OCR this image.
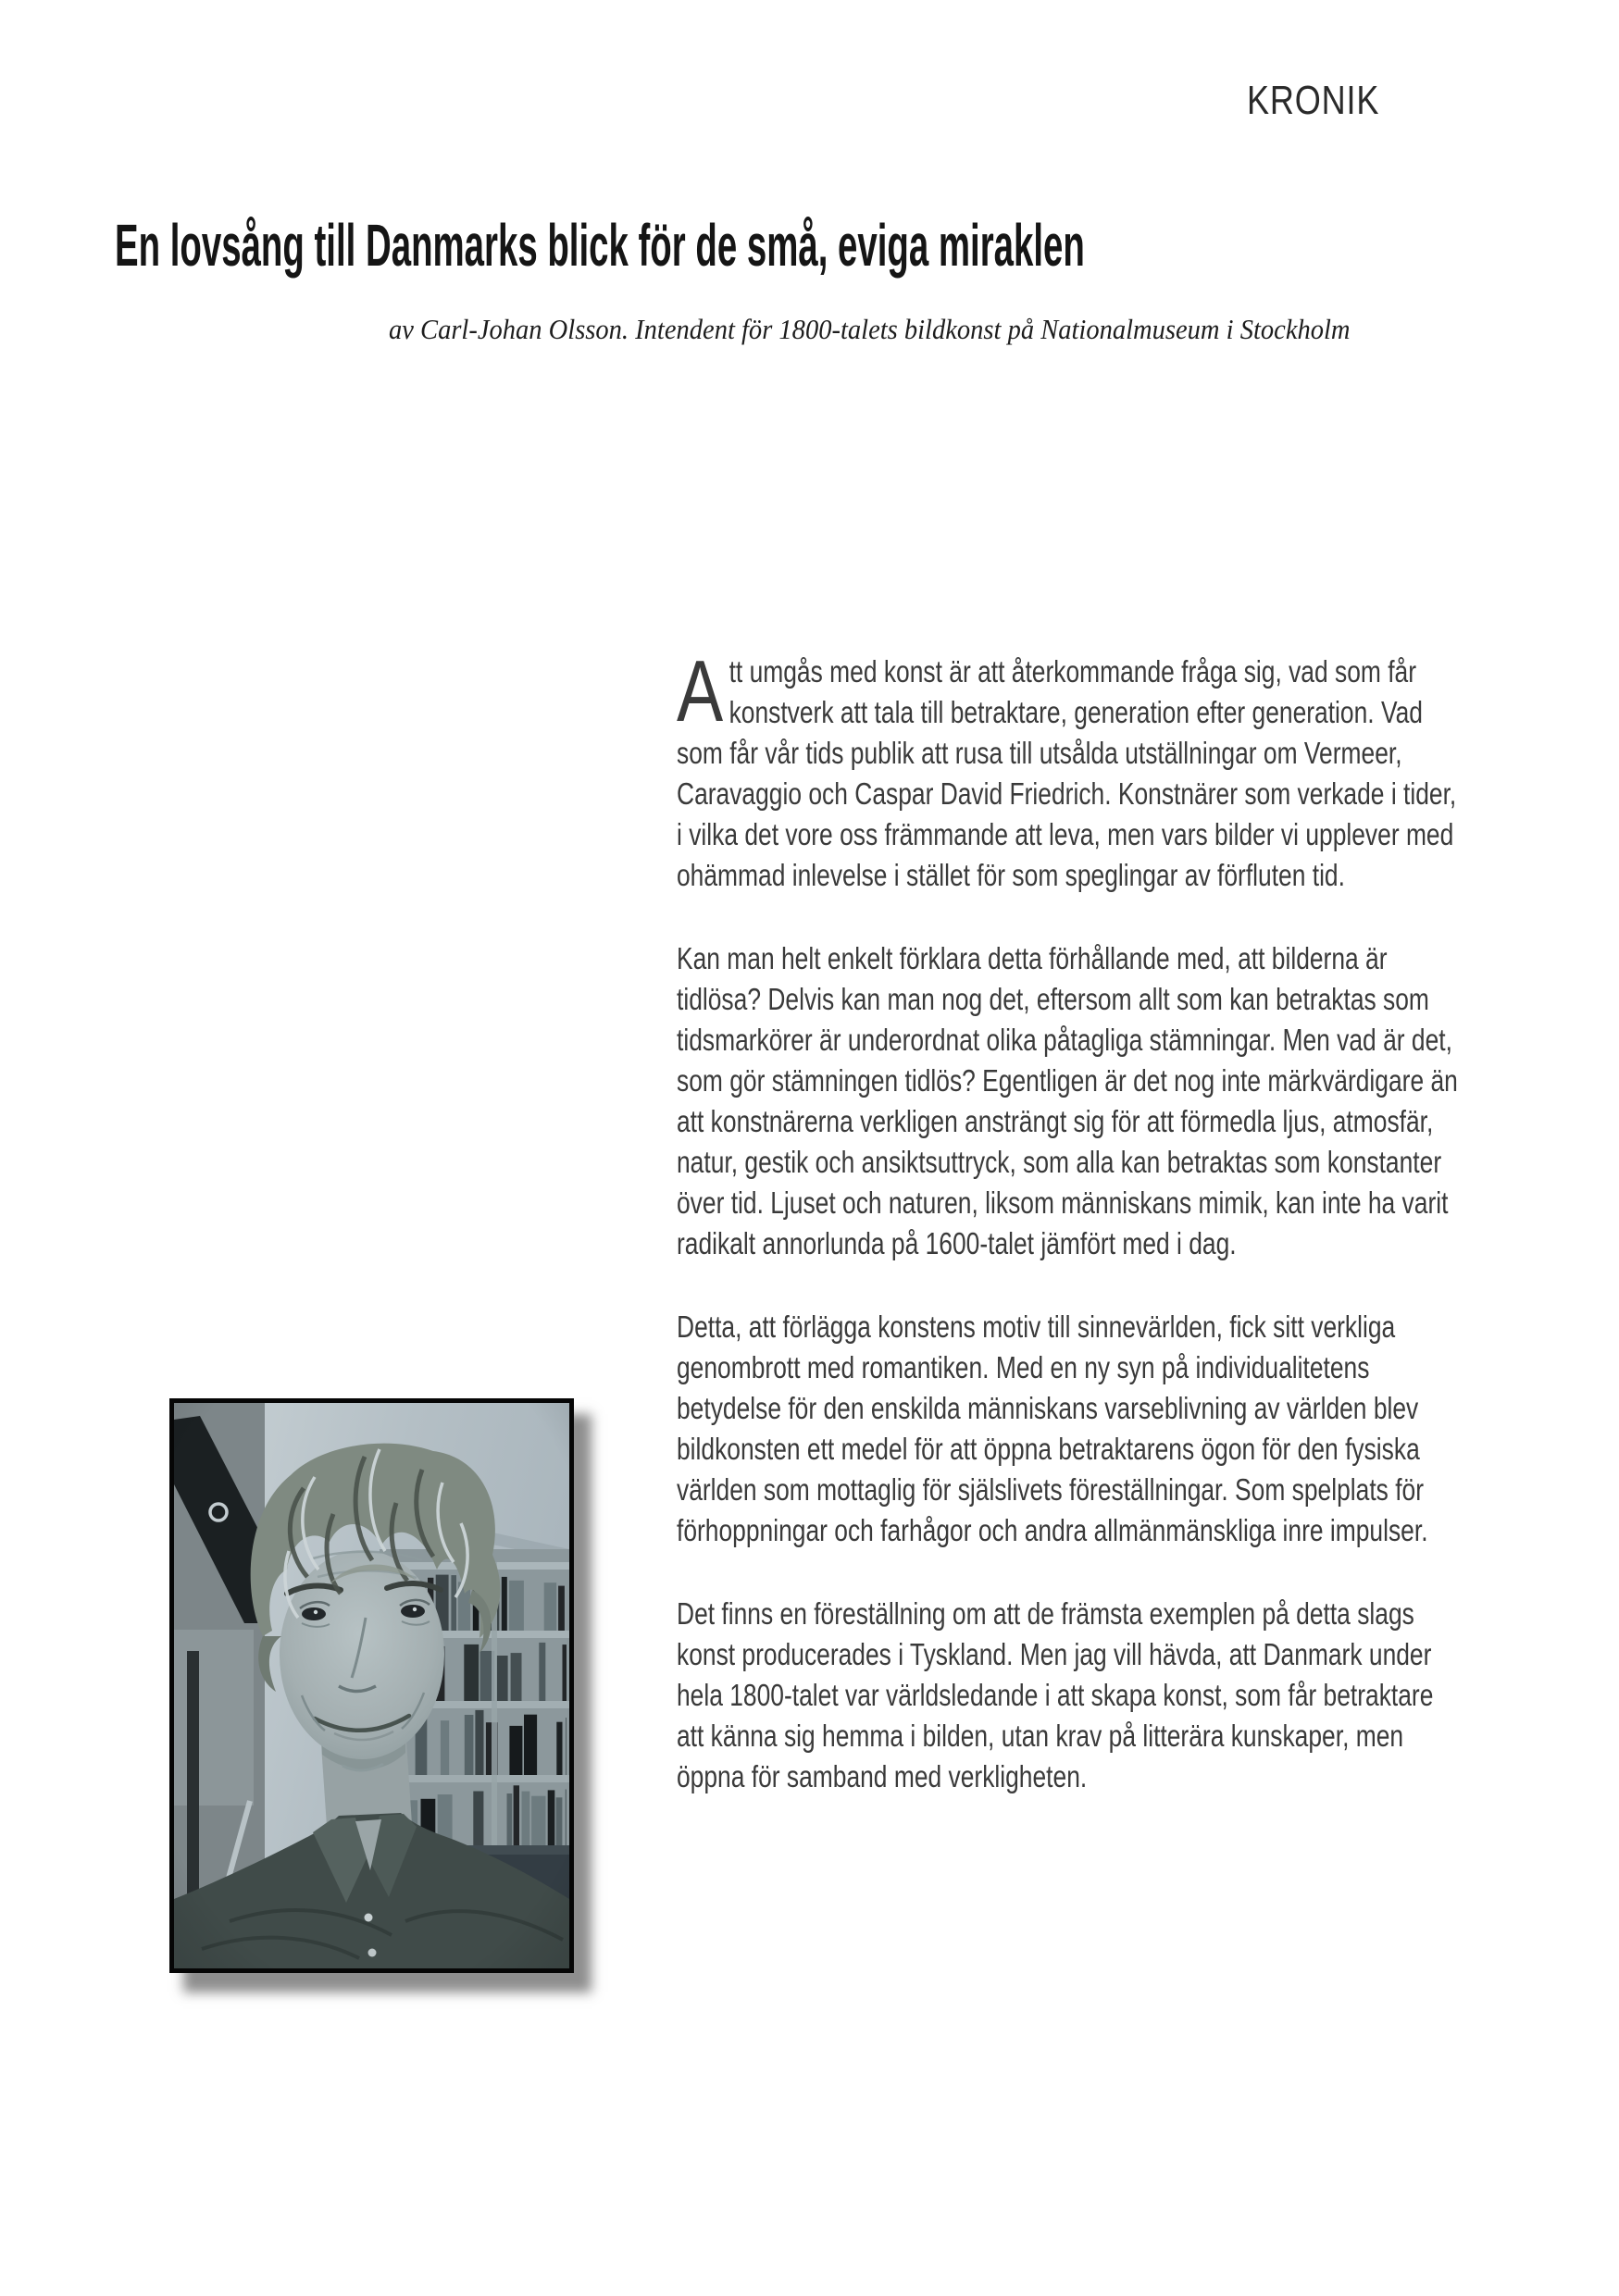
KRONIK
En lovsång till Danmarks blick för de små, eviga miraklen
av Carl-Johan Olsson. Intendent för 1800-talets bildkonst på Nationalmuseum i Stockholm

Att umgås med konst är att återkommande fråga sig, vad som får konstverk att tala till betraktare, generation efter generation. Vad som får vår tids publik att rusa till utsålda utställningar om Vermeer, Caravaggio och Caspar David Friedrich. Konstnärer som verkade i tider, i vilka det vore oss främmande att leva, men vars bilder vi upplever med ohämmad inlevelse i stället för som speglingar av förfluten tid.

Kan man helt enkelt förklara detta förhållande med, att bilderna är tidlösa? Delvis kan man nog det, eftersom allt som kan betraktas som tidsmarkörer är underordnat olika påtagliga stämningar. Men vad är det, som gör stämningen tidlös? Egentligen är det nog inte märkvärdigare än att konstnärerna verkligen ansträngt sig för att förmedla ljus, atmosfär, natur, gestik och ansiktsuttryck, som alla kan betraktas som konstanter över tid. Ljuset och naturen, liksom människans mimik, kan inte ha varit radikalt annorlunda på 1600-talet jämfört med i dag.

Detta, att förlägga konstens motiv till sinnevärlden, fick sitt verkliga genombrott med romantiken. Med en ny syn på individualitetens betydelse för den enskilda människans varseblivning av världen blev bildkonsten ett medel för att öppna betraktarens ögon för den fysiska världen som mottaglig för själslivets föreställningar. Som spelplats för förhoppningar och farhågor och andra allmänmänskliga inre impulser.

Det finns en föreställning om att de främsta exemplen på detta slags konst producerades i Tyskland. Men jag vill hävda, att Danmark under hela 1800-talet var världsledande i att skapa konst, som får betraktare att känna sig hemma i bilden, utan krav på litterära kunskaper, men öppna för samband med verkligheten.
